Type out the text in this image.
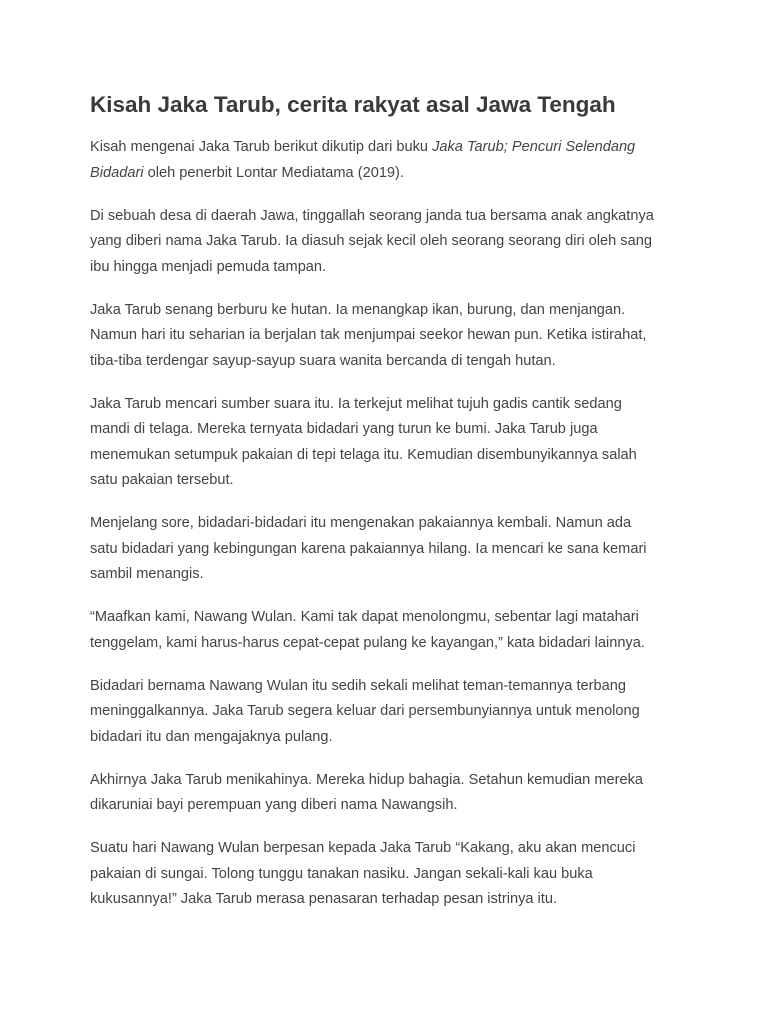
Kisah Jaka Tarub, cerita rakyat asal Jawa Tengah

Kisah mengenai Jaka Tarub berikut dikutip dari buku Jaka Tarub; Pencuri Selendang
Bidadari oleh penerbit Lontar Mediatama (2019).

Di sebuah desa di daerah Jawa, tinggallah seorang janda tua bersama anak angkatnya
yang diberi nama Jaka Tarub. Ia diasuh sejak kecil oleh seorang seorang diri oleh sang
ibu hingga menjadi pemuda tampan.

Jaka Tarub senang berburu ke hutan. Ia menangkap ikan, burung, dan menjangan.
Namun hari itu seharian ia berjalan tak menjumpai seekor hewan pun. Ketika istirahat,
tiba-tiba terdengar sayup-sayup suara wanita bercanda di tengah hutan.

Jaka Tarub mencari sumber suara itu. Ia terkejut melihat tujuh gadis cantik sedang
mandi di telaga. Mereka ternyata bidadari yang turun ke bumi. Jaka Tarub juga
menemukan setumpuk pakaian di tepi telaga itu. Kemudian disembunyikannya salah
satu pakaian tersebut.

Menjelang sore, bidadari-bidadari itu mengenakan pakaiannya kembali. Namun ada
satu bidadari yang kebingungan karena pakaiannya hilang. Ia mencari ke sana kemari
sambil menangis.

“Maafkan kami, Nawang Wulan. Kami tak dapat menolongmu, sebentar lagi matahari
tenggelam, kami harus-harus cepat-cepat pulang ke kayangan,” kata bidadari lainnya.

Bidadari bernama Nawang Wulan itu sedih sekali melihat teman-temannya terbang
meninggalkannya. Jaka Tarub segera keluar dari persembunyiannya untuk menolong
bidadari itu dan mengajaknya pulang.

Akhirnya Jaka Tarub menikahinya. Mereka hidup bahagia. Setahun kemudian mereka
dikaruniai bayi perempuan yang diberi nama Nawangsih.

Suatu hari Nawang Wulan berpesan kepada Jaka Tarub “Kakang, aku akan mencuci
pakaian di sungai. Tolong tunggu tanakan nasiku. Jangan sekali-kali kau buka
kukusannya!” Jaka Tarub merasa penasaran terhadap pesan istrinya itu.
